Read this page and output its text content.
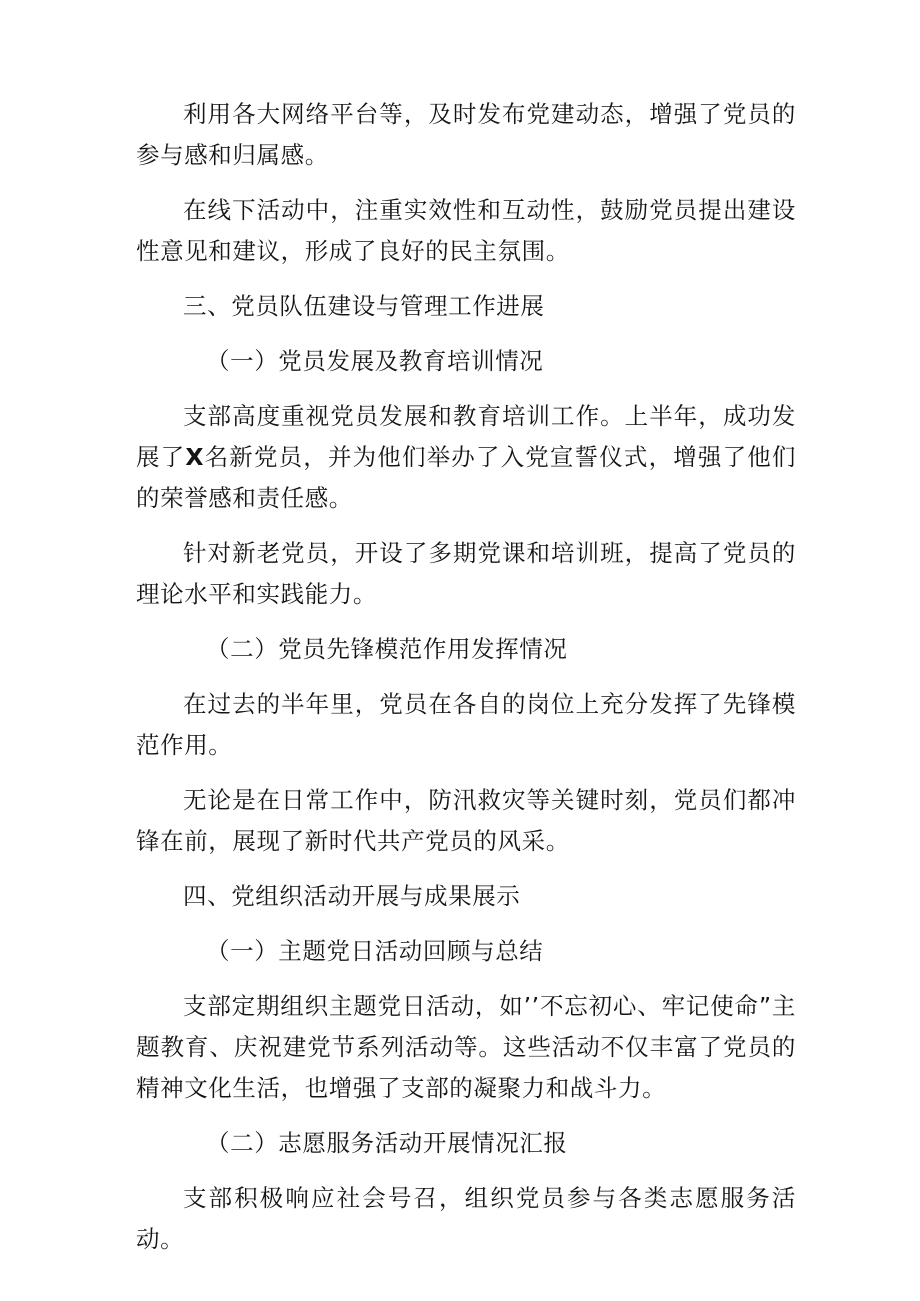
利用各大网络平台等，及时发布党建动态，增强了党员的参与感和归属感。

在线下活动中，注重实效性和互动性，鼓励党员提出建设性意见和建议，形成了良好的民主氛围。

三、党员队伍建设与管理工作进展

（一）党员发展及教育培训情况

支部高度重视党员发展和教育培训工作。上半年，成功发展了X名新党员，并为他们举办了入党宣誓仪式，增强了他们的荣誉感和责任感。

针对新老党员，开设了多期党课和培训班，提高了党员的理论水平和实践能力。

（二）党员先锋模范作用发挥情况

在过去的半年里，党员在各自的岗位上充分发挥了先锋模范作用。

无论是在日常工作中，防汛救灾等关键时刻，党员们都冲锋在前，展现了新时代共产党员的风采。

四、党组织活动开展与成果展示

（一）主题党日活动回顾与总结

支部定期组织主题党日活动，如’’不忘初心、牢记使命”主题教育、庆祝建党节系列活动等。这些活动不仅丰富了党员的精神文化生活，也增强了支部的凝聚力和战斗力。

（二）志愿服务活动开展情况汇报

支部积极响应社会号召，组织党员参与各类志愿服务活动。
